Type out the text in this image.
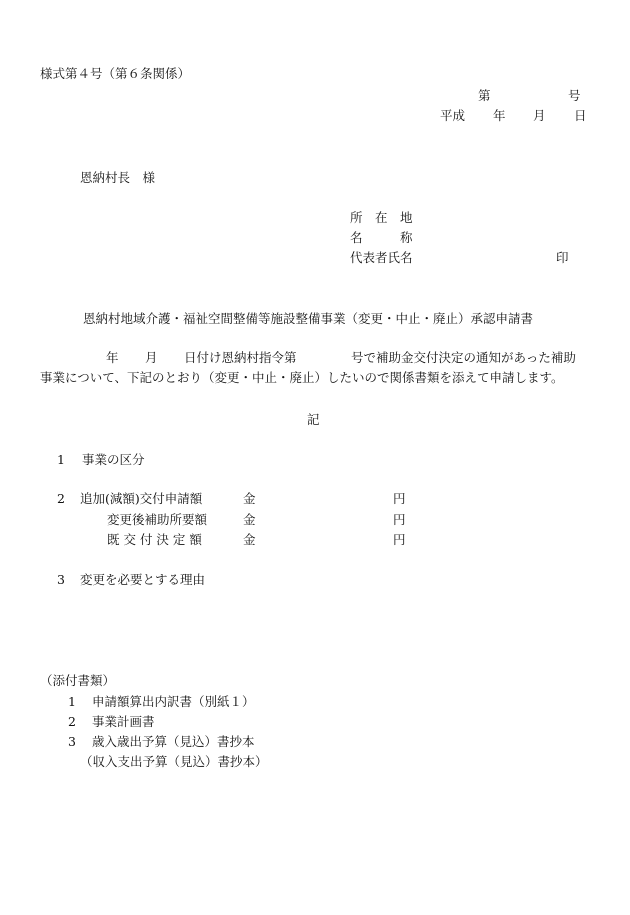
様式第４号（第６条関係）
第	号
平成 年 月 日
恩納村長　様
所　在　地
名　　　称
代表者氏名	印
恩納村地域介護・福祉空間整備等施設整備事業（変更・中止・廃止）承認申請書
年 月 日付け恩納村指令第	号で補助金交付決定の通知があった補助
事業について、下記のとおり（変更・中止・廃止）したいので関係書類を添えて申請します。
記
1 事業の区分
2 追加(減額)交付申請額	金	円
変更後補助所要額	金	円
既 交 付 決 定 額	金	円
3 変更を必要とする理由
（添付書類）
1 申請額算出内訳書（別紙１）
2 事業計画書
3 歳入歳出予算（見込）書抄本
（収入支出予算（見込）書抄本）
